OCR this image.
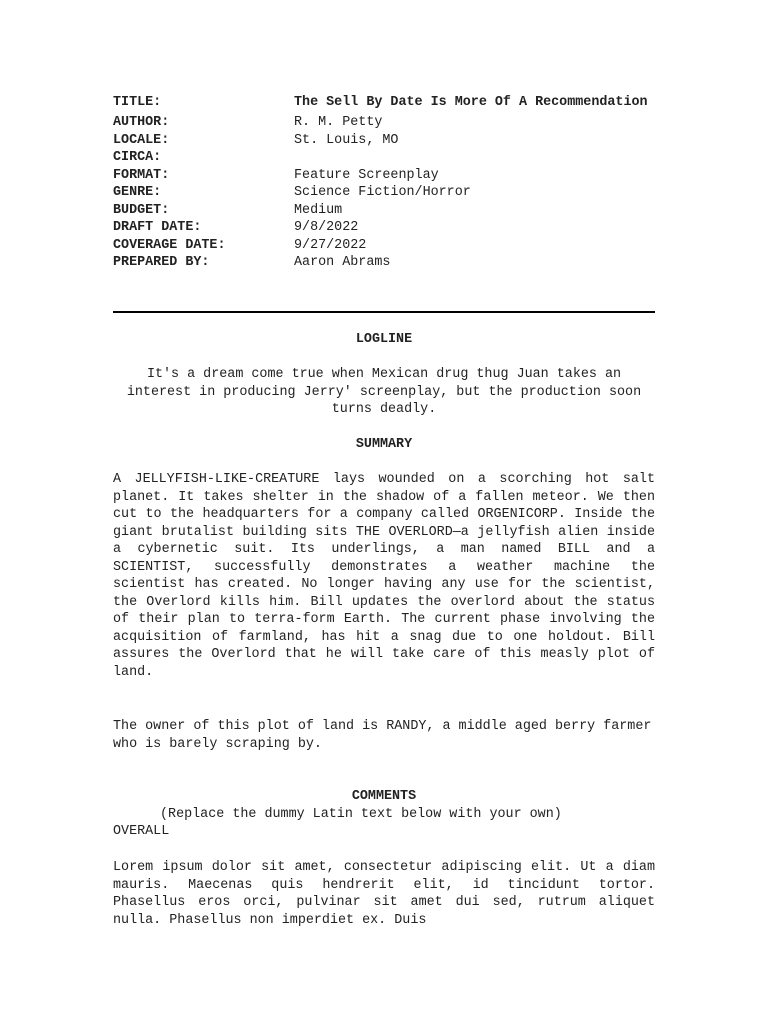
TITLE:	The Sell By Date Is More Of A Recommendation
AUTHOR:	R. M. Petty
LOCALE:	St. Louis, MO
CIRCA:
FORMAT:	Feature Screenplay
GENRE:	Science Fiction/Horror
BUDGET:	Medium
DRAFT DATE:	9/8/2022
COVERAGE DATE:	9/27/2022
PREPARED BY:	Aaron Abrams
LOGLINE

It's a dream come true when Mexican drug thug Juan takes an interest in producing Jerry' screenplay, but the production soon turns deadly.

SUMMARY

A JELLYFISH-LIKE-CREATURE lays wounded on a scorching hot salt planet. It takes shelter in the shadow of a fallen meteor. We then cut to the headquarters for a company called ORGENICORP. Inside the giant brutalist building sits THE OVERLORD—a jellyfish alien inside a cybernetic suit. Its underlings, a man named BILL and a SCIENTIST, successfully demonstrates a weather machine the scientist has created. No longer having any use for the scientist, the Overlord kills him. Bill updates the overlord about the status of their plan to terra-form Earth. The current phase involving the acquisition of farmland, has hit a snag due to one holdout. Bill assures the Overlord that he will take care of this measly plot of land.

The owner of this plot of land is RANDY, a middle aged berry farmer who is barely scraping by.

COMMENTS
(Replace the dummy Latin text below with your own)
OVERALL

Lorem ipsum dolor sit amet, consectetur adipiscing elit. Ut a diam mauris. Maecenas quis hendrerit elit, id tincidunt tortor. Phasellus eros orci, pulvinar sit amet dui sed, rutrum aliquet nulla. Phasellus non imperdiet ex. Duis
